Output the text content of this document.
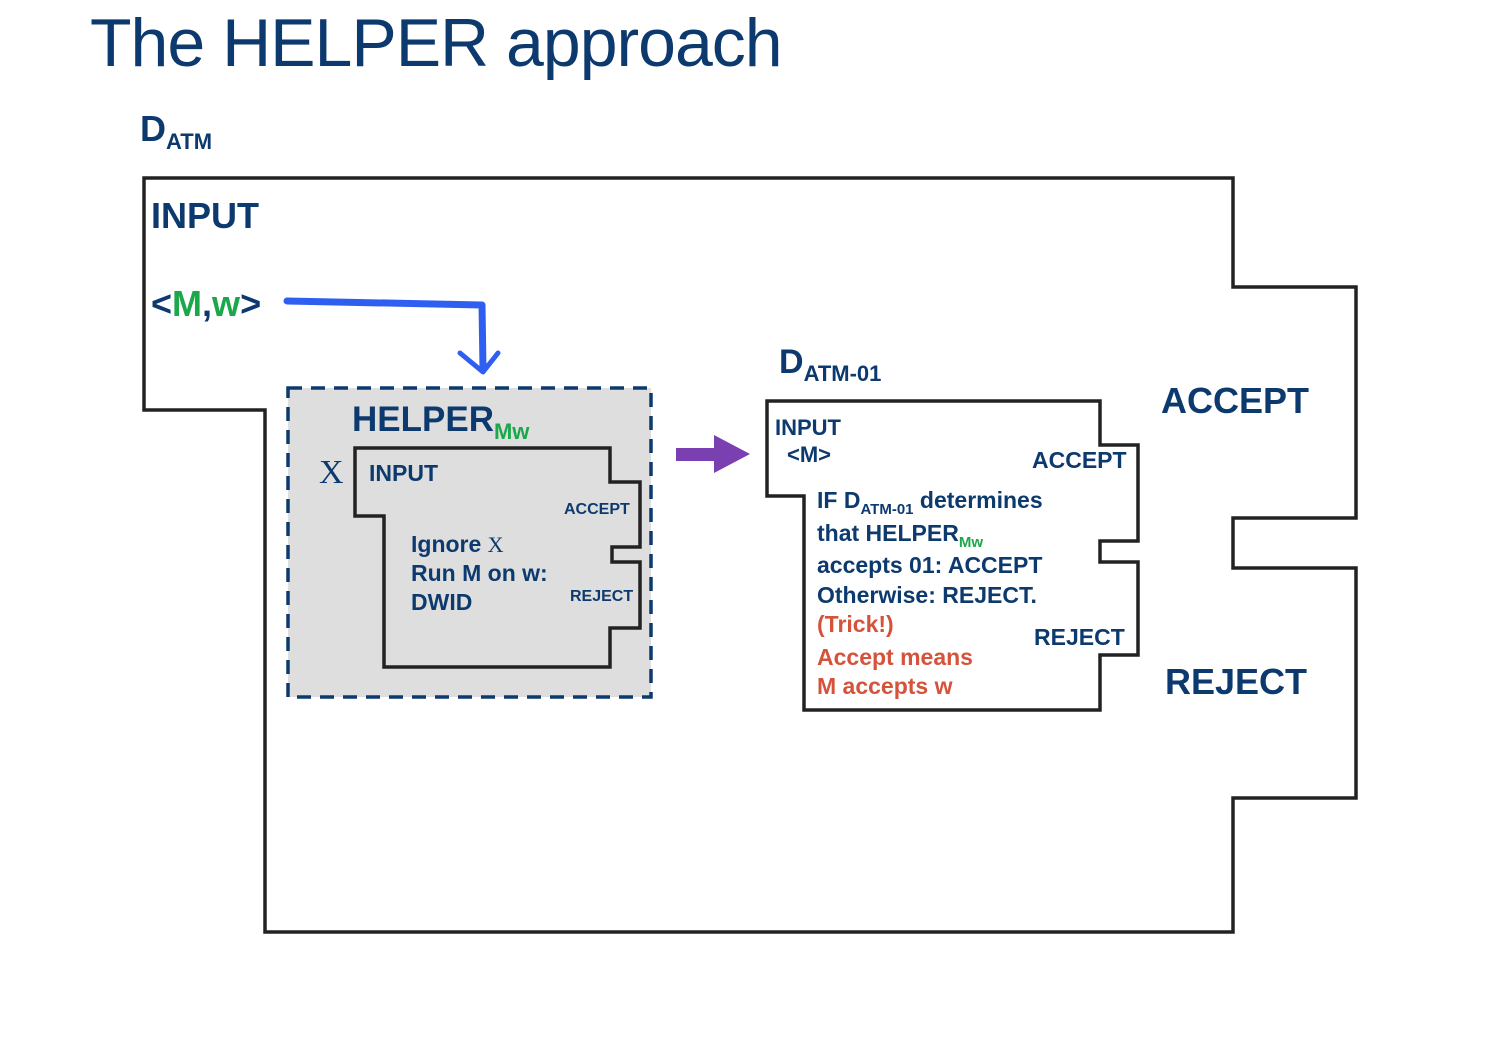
The HELPER approach
$D_{ATM}$
INPUT
<M,w>
ACCEPT
REJECT
$HELPER_{Mw}$
X INPUT
ACCEPT
REJECT
Ignore X
Run M on w:
DWID
$D_{ATM-01}$
INPUT
<M>	ACCEPT
REJECT
IF $D_{ATM-01}$ determines
that $HELPER_{Mw}$
accepts 01: ACCEPT
Otherwise: REJECT.
(Trick!)
Accept means
M accepts w
